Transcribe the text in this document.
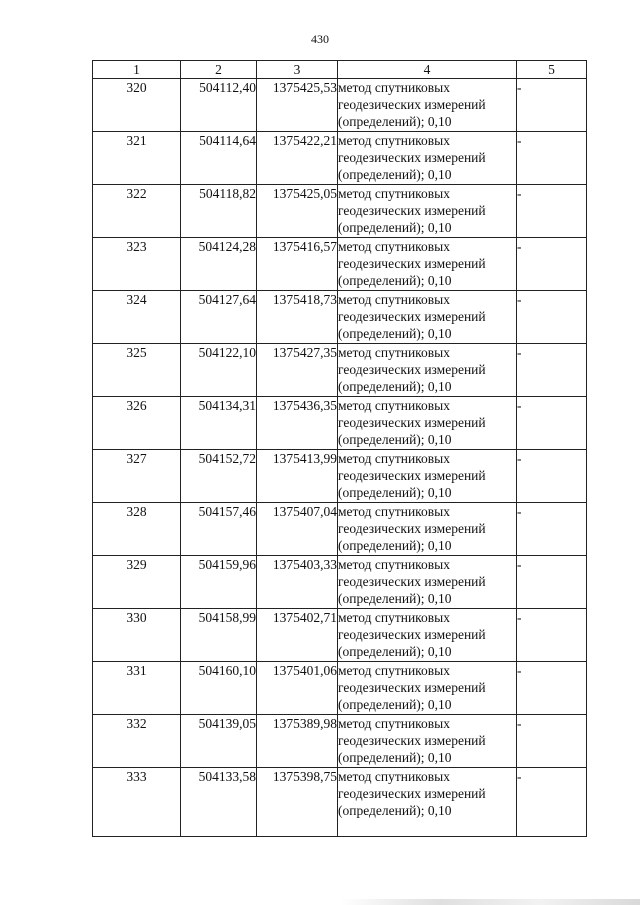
430
1	2	3	4	5
320	504112,40	1375425,53	метод спутниковых
геодезических измерений
(определений); 0,10	-
321	504114,64	1375422,21	метод спутниковых
геодезических измерений
(определений); 0,10	-
322	504118,82	1375425,05	метод спутниковых
геодезических измерений
(определений); 0,10	-
323	504124,28	1375416,57	метод спутниковых
геодезических измерений
(определений); 0,10	-
324	504127,64	1375418,73	метод спутниковых
геодезических измерений
(определений); 0,10	-
325	504122,10	1375427,35	метод спутниковых
геодезических измерений
(определений); 0,10	-
326	504134,31	1375436,35	метод спутниковых
геодезических измерений
(определений); 0,10	-
327	504152,72	1375413,99	метод спутниковых
геодезических измерений
(определений); 0,10	-
328	504157,46	1375407,04	метод спутниковых
геодезических измерений
(определений); 0,10	-
329	504159,96	1375403,33	метод спутниковых
геодезических измерений
(определений); 0,10	-
330	504158,99	1375402,71	метод спутниковых
геодезических измерений
(определений); 0,10	-
331	504160,10	1375401,06	метод спутниковых
геодезических измерений
(определений); 0,10	-
332	504139,05	1375389,98	метод спутниковых
геодезических измерений
(определений); 0,10	-
333	504133,58	1375398,75	метод спутниковых
геодезических измерений
(определений); 0,10	-
